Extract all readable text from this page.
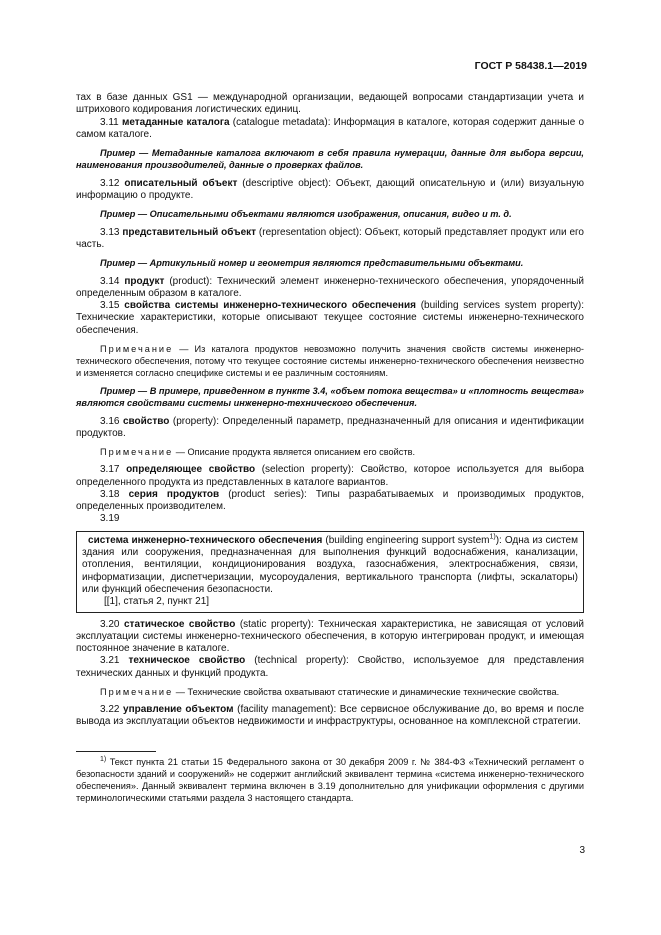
ГОСТ Р 58438.1—2019

тах в базе данных GS1 — международной организации, ведающей вопросами стандартизации учета и штрихового кодирования логистических единиц.

3.11 метаданные каталога (catalogue metadata): Информация в каталоге, которая содержит данные о самом каталоге.

Пример — Метаданные каталога включают в себя правила нумерации, данные для выбора версии, наименования производителей, данные о проверках файлов.

3.12 описательный объект (descriptive object): Объект, дающий описательную и (или) визуальную информацию о продукте.

Пример — Описательными объектами являются изображения, описания, видео и т. д.

3.13 представительный объект (representation object): Объект, который представляет продукт или его часть.

Пример — Артикульный номер и геометрия являются представительными объектами.

3.14 продукт (product): Технический элемент инженерно-технического обеспечения, упорядоченный определенным образом в каталоге.

3.15 свойства системы инженерно-технического обеспечения (building services system property): Технические характеристики, которые описывают текущее состояние системы инженерно-технического обеспечения.

Примечание — Из каталога продуктов невозможно получить значения свойств системы инженерно-технического обеспечения, потому что текущее состояние системы инженерно-технического обеспечения неизвестно и изменяется согласно специфике системы и ее различным состояниям.

Пример — В примере, приведенном в пункте 3.4, «объем потока вещества» и «плотность вещества» являются свойствами системы инженерно-технического обеспечения.

3.16 свойство (property): Определенный параметр, предназначенный для описания и идентификации продуктов.

Примечание — Описание продукта является описанием его свойств.

3.17 определяющее свойство (selection property): Свойство, которое используется для выбора определенного продукта из представленных в каталоге вариантов.

3.18 серия продуктов (product series): Типы разрабатываемых и производимых продуктов, определенных производителем.

3.19

система инженерно-технического обеспечения (building engineering support system$^{1)}$): Одна из систем здания или сооружения, предназначенная для выполнения функций водоснабжения, канализации, отопления, вентиляции, кондиционирования воздуха, газоснабжения, электроснабжения, связи, информатизации, диспетчеризации, мусороудаления, вертикального транспорта (лифты, эскалаторы) или функций обеспечения безопасности.

[[1], статья 2, пункт 21]

3.20 статическое свойство (static property): Техническая характеристика, не зависящая от условий эксплуатации системы инженерно-технического обеспечения, в которую интегрирован продукт, и имеющая постоянное значение в каталоге.

3.21 техническое свойство (technical property): Свойство, используемое для представления технических данных и функций продукта.

Примечание — Технические свойства охватывают статические и динамические технические свойства.

3.22 управление объектом (facility management): Все сервисное обслуживание до, во время и после вывода из эксплуатации объектов недвижимости и инфраструктуры, основанное на комплексной стратегии.

$^{1)}$ Текст пункта 21 статьи 15 Федерального закона от 30 декабря 2009 г. № 384-ФЗ «Технический регламент о безопасности зданий и сооружений» не содержит английский эквивалент термина «система инженерно-технического обеспечения». Данный эквивалент термина включен в 3.19 дополнительно для унификации оформления с другими терминологическими статьями раздела 3 настоящего стандарта.

3
